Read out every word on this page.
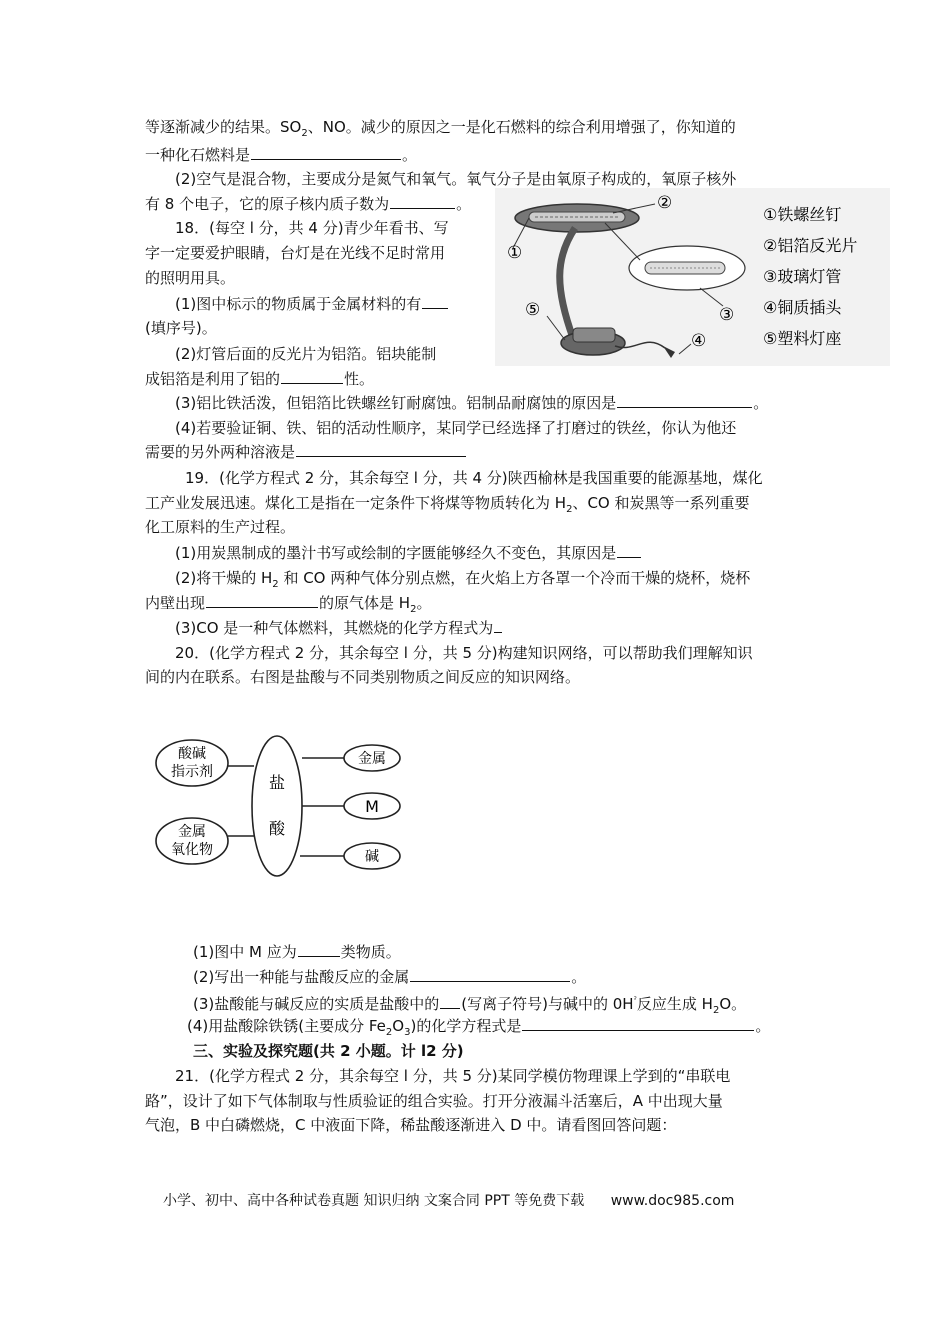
等逐渐减少的结果。$SO_2$、NO。减少的原因之一是化石燃料的综合利用增强了，你知道的
一种化石燃料是	。
(2)空气是混合物，主要成分是氮气和氧气。氧气分子是由氧原子构成的，氧原子核外
有 8 个电子，它的原子核内质子数为	。
18．(每空 l 分，共 4 分)青少年看书、写
字一定要爱护眼睛，台灯是在光线不足时常用
的照明用具。
(1)图中标示的物质属于金属材料的有
(填序号)。
(2)灯管后面的反光片为铝箔。铝块能制
成铝箔是利用了铝的	性。
(3)铝比铁活泼，但铝箔比铁螺丝钉耐腐蚀。铝制品耐腐蚀的原因是	。
(4)若要验证铜、铁、铝的活动性顺序，某同学已经选择了打磨过的铁丝，你认为他还
需要的另外两种溶液是
19．(化学方程式 2 分，其余每空 l 分，共 4 分)陕西榆林是我国重要的能源基地，煤化
工产业发展迅速。煤化工是指在一定条件下将煤等物质转化为 $H_2$、CO 和炭黑等一系列重要
化工原料的生产过程。
(1)用炭黑制成的墨汁书写或绘制的字匮能够经久不变色，其原因是
(2)将干燥的 $H_2$ 和 CO 两种气体分别点燃，在火焰上方各罩一个冷而干燥的烧杯，烧杯
内壁出现	的原气体是 $H_2$。
(3)CO 是一种气体燃料，其燃烧的化学方程式为
20．(化学方程式 2 分，其余每空 l 分，共 5 分)构建知识网络，可以帮助我们理解知识
间的内在联系。右图是盐酸与不同类别物质之间反应的知识网络。
①
②
③
④
⑤
①铁螺丝钉
②铝箔反光片
③玻璃灯管
④铜质插头
⑤塑料灯座
盐
酸
酸碱
指示剂
金属
氧化物
金属
M
碱
(1)图中 M 应为	类物质。
(2)写出一种能与盐酸反应的金属	。
(3)盐酸能与碱反应的实质是盐酸中的 (写离子符号)与碱中的 $0H^ˀ$反应生成 $H_2O$。
(4)用盐酸除铁锈(主要成分 $Fe_2O_3$)的化学方程式是	。
三、实验及探究题(共 2 小题。计 l2 分)
21．(化学方程式 2 分，其余每空 l 分，共 5 分)某同学模仿物理课上学到的“串联电
路”，设计了如下气体制取与性质验证的组合实验。打开分液漏斗活塞后，A 中出现大量
气泡，B 中白磷燃烧，C 中液面下降，稀盐酸逐渐进入 D 中。请看图回答问题：
小学、初中、高中各种试卷真题 知识归纳 文案合同 PPT 等免费下载 www.doc985.com
